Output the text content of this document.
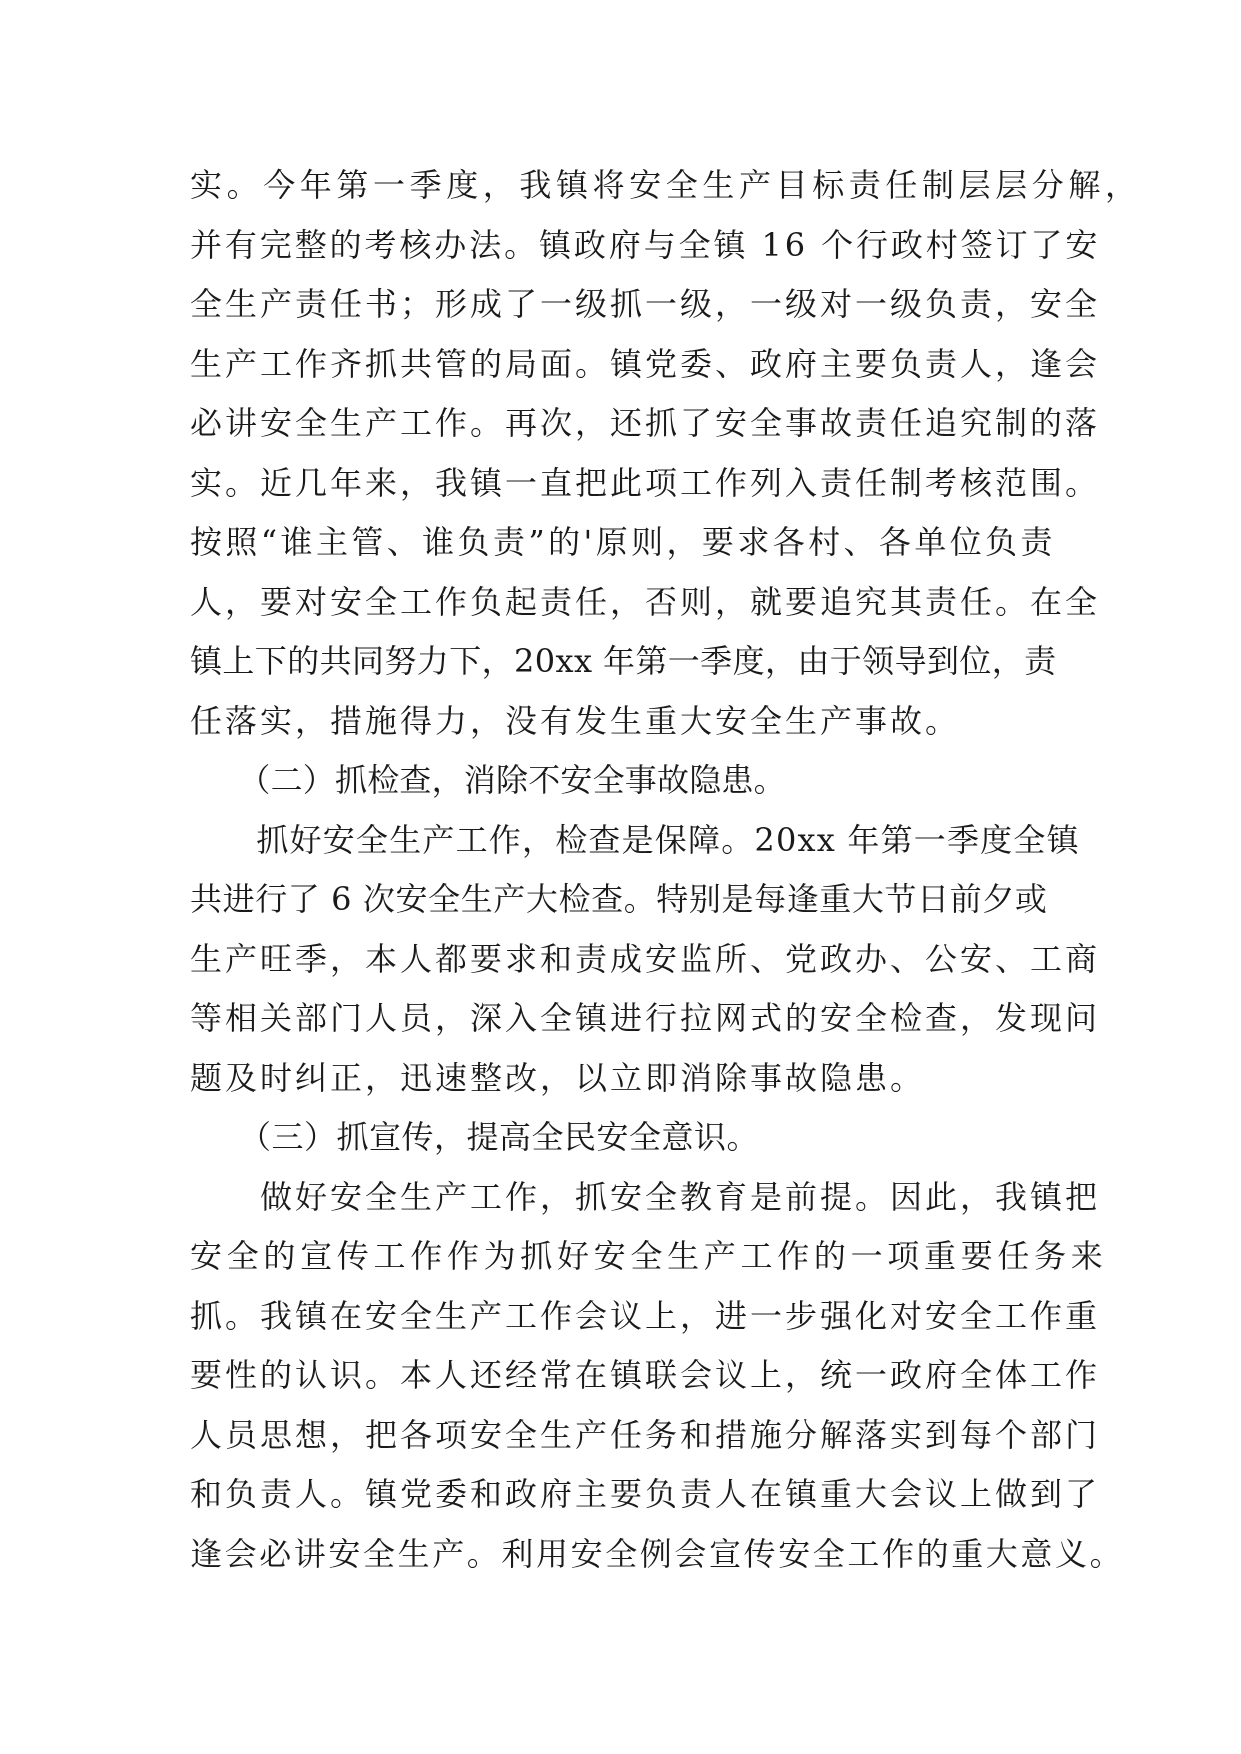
实。今年第一季度，我镇将安全生产目标责任制层层分解，
并有完整的考核办法。镇政府与全镇 16 个行政村签订了安
全生产责任书；形成了一级抓一级，一级对一级负责，安全
生产工作齐抓共管的局面。镇党委、政府主要负责人，逢会
必讲安全生产工作。再次，还抓了安全事故责任追究制的落
实。近几年来，我镇一直把此项工作列入责任制考核范围。
按照“谁主管、谁负责”的'原则，要求各村、各单位负责
人，要对安全工作负起责任，否则，就要追究其责任。在全
镇上下的共同努力下，20xx 年第一季度，由于领导到位，责
任落实，措施得力，没有发生重大安全生产事故。
　　（二）抓检查，消除不安全事故隐患。
　　抓好安全生产工作，检查是保障。20xx 年第一季度全镇
共进行了 6 次安全生产大检查。特别是每逢重大节日前夕或
生产旺季，本人都要求和责成安监所、党政办、公安、工商
等相关部门人员，深入全镇进行拉网式的安全检查，发现问
题及时纠正，迅速整改，以立即消除事故隐患。
　　（三）抓宣传，提高全民安全意识。
　　做好安全生产工作，抓安全教育是前提。因此，我镇把
安全的宣传工作作为抓好安全生产工作的一项重要任务来
抓。我镇在安全生产工作会议上，进一步强化对安全工作重
要性的认识。本人还经常在镇联会议上，统一政府全体工作
人员思想，把各项安全生产任务和措施分解落实到每个部门
和负责人。镇党委和政府主要负责人在镇重大会议上做到了
逢会必讲安全生产。利用安全例会宣传安全工作的重大意义。
